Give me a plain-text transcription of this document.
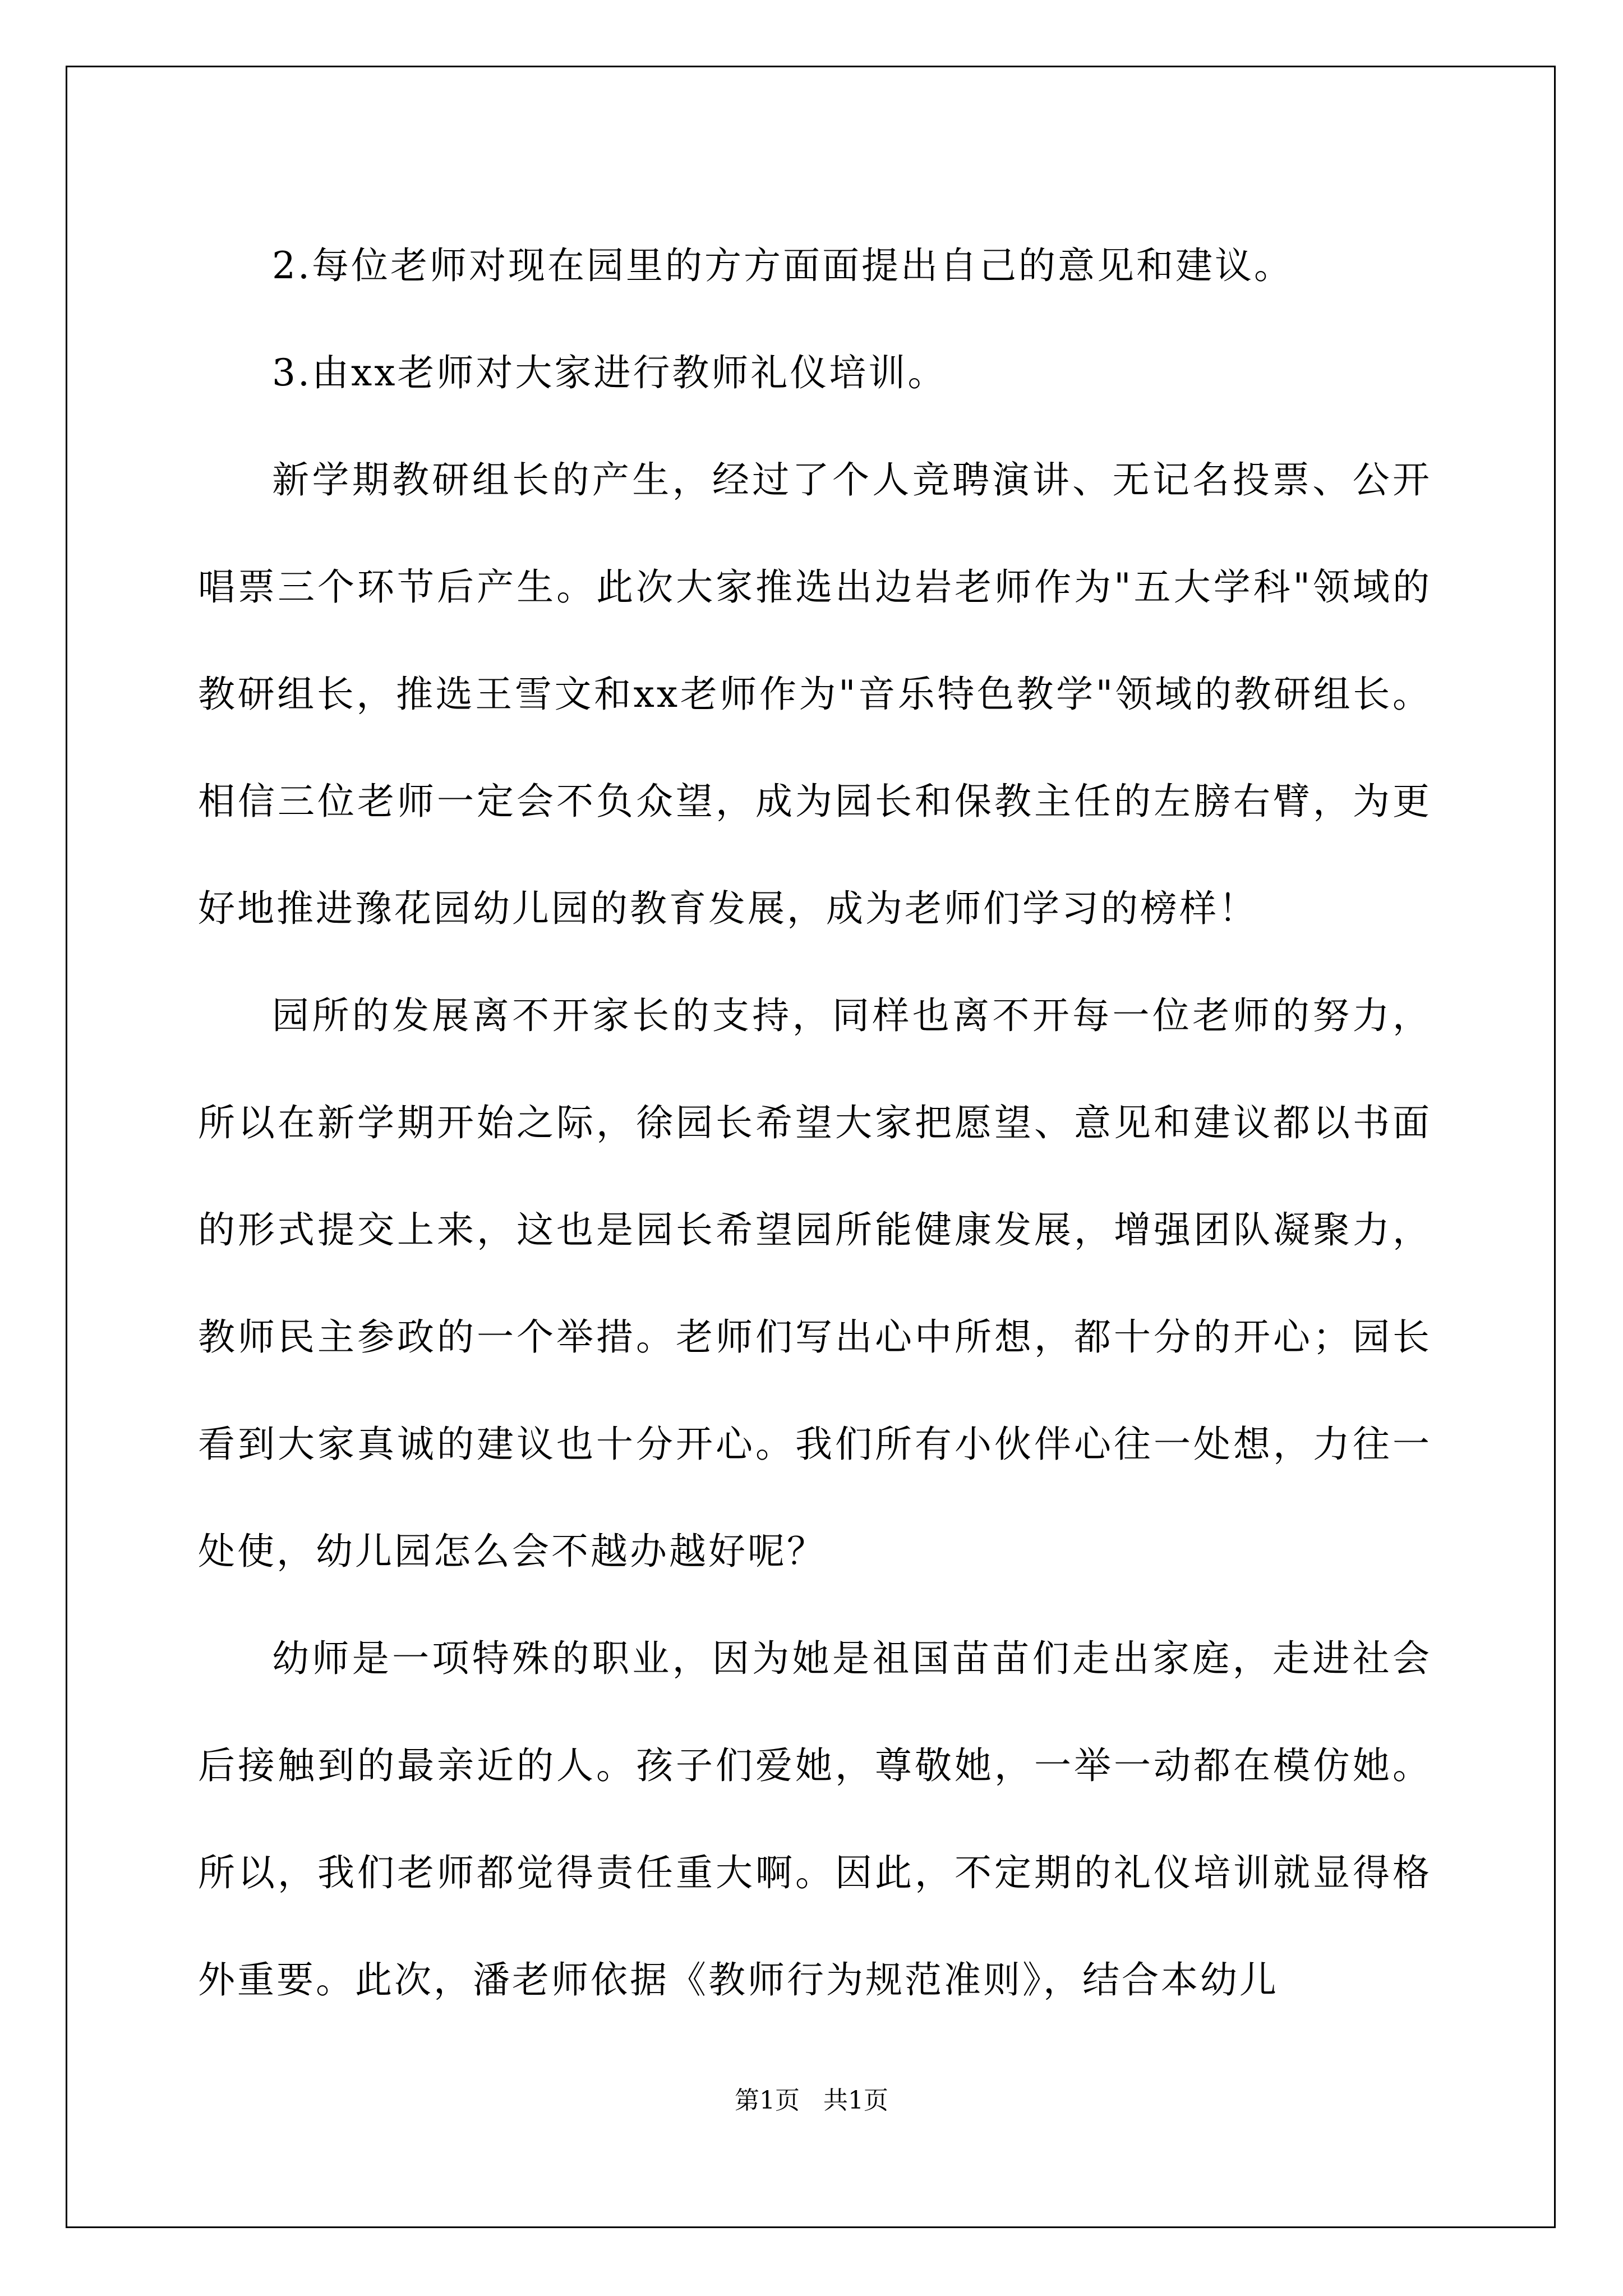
2.每位老师对现在园里的方方面面提出自己的意见和建议。

3.由xx老师对大家进行教师礼仪培训。

新学期教研组长的产生，经过了个人竞聘演讲、无记名投票、公开唱票三个环节后产生。此次大家推选出边岩老师作为"五大学科"领域的教研组长，推选王雪文和xx老师作为"音乐特色教学"领域的教研组长。相信三位老师一定会不负众望，成为园长和保教主任的左膀右臂，为更好地推进豫花园幼儿园的教育发展，成为老师们学习的榜样！

园所的发展离不开家长的支持，同样也离不开每一位老师的努力，所以在新学期开始之际，徐园长希望大家把愿望、意见和建议都以书面的形式提交上来，这也是园长希望园所能健康发展，增强团队凝聚力，教师民主参政的一个举措。老师们写出心中所想，都十分的开心；园长看到大家真诚的建议也十分开心。我们所有小伙伴心往一处想，力往一处使，幼儿园怎么会不越办越好呢？

幼师是一项特殊的职业，因为她是祖国苗苗们走出家庭，走进社会后接触到的最亲近的人。孩子们爱她，尊敬她，一举一动都在模仿她。所以，我们老师都觉得责任重大啊。因此，不定期的礼仪培训就显得格外重要。此次，潘老师依据《教师行为规范准则》，结合本幼儿

第1页   共1页
